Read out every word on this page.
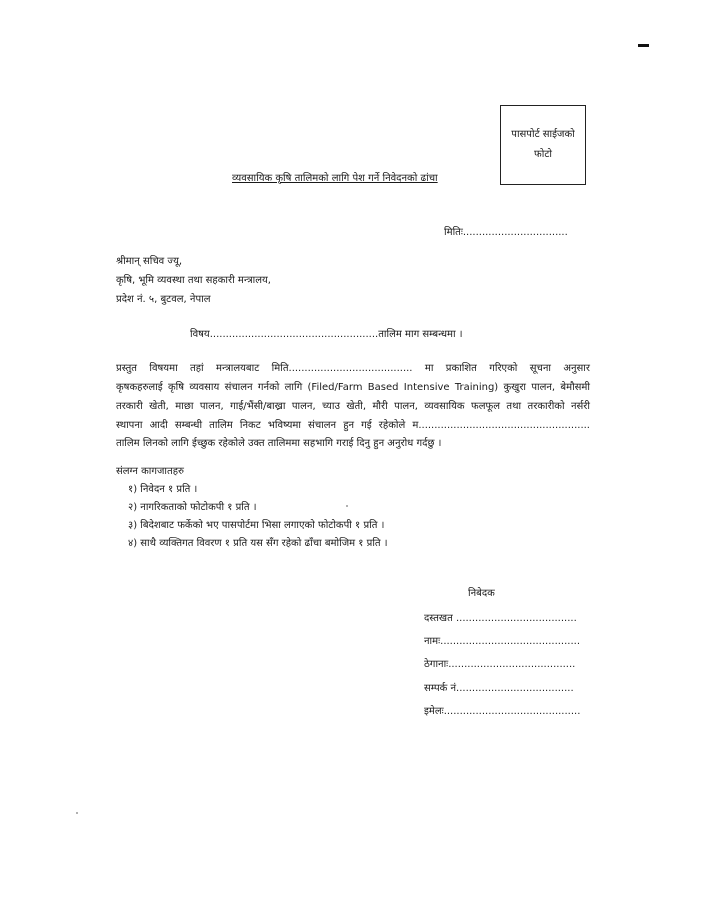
पासपोर्ट साईजको
फोटो
व्यवसायिक कृषि तालिमको लागि पेश गर्ने निवेदनको ढांचा
मितिः.................................
श्रीमान् सचिव ज्यू,
कृषि, भूमि व्यवस्था तथा सहकारी मन्त्रालय,
प्रदेश नं. ५, बुटवल, नेपाल
विषय.....................................................तालिम माग सम्बन्धमा ।
प्रस्तुत विषयमा तहां मन्त्रालयबाट मिति....................................... मा प्रकाशित गरिएको सूचना अनुसार
कृषकहरुलाई कृषि व्यवसाय संचालन गर्नको लागि (Filed/Farm Based Intensive Training) कुखुरा पालन, बेमौसमी
तरकारी खेती, माछा पालन, गाई/भैंसी/बाख्रा पालन, च्याउ खेती, मौरी पालन, व्यवसायिक फलफूल तथा तरकारीको नर्सरी
स्थापना आदी सम्बन्धी तालिम निकट भविष्यमा संचालन हुन गई रहेकोले म......................................................
तालिम लिनको लागि ईच्छुक रहेकोले उक्त तालिममा सहभागि गराई दिनु हुन अनुरोध गर्दछु ।
संलग्न कागजातहरु
१) निवेदन १ प्रति ।
२) नागरिकताको फोटोकपी १ प्रति ।
३) बिदेशबाट फर्केको भए पासपोर्टमा भिसा लगाएको फोटोकपी १ प्रति ।
४) साथै व्यक्तिगत विवरण १ प्रति यस सँग रहेको ढाँचा बमोजिम १ प्रति ।
निबेदक
दस्तखत ......................................
नामः............................................
ठेगानाः........................................
सम्पर्क नं.....................................
इमेलः...........................................
